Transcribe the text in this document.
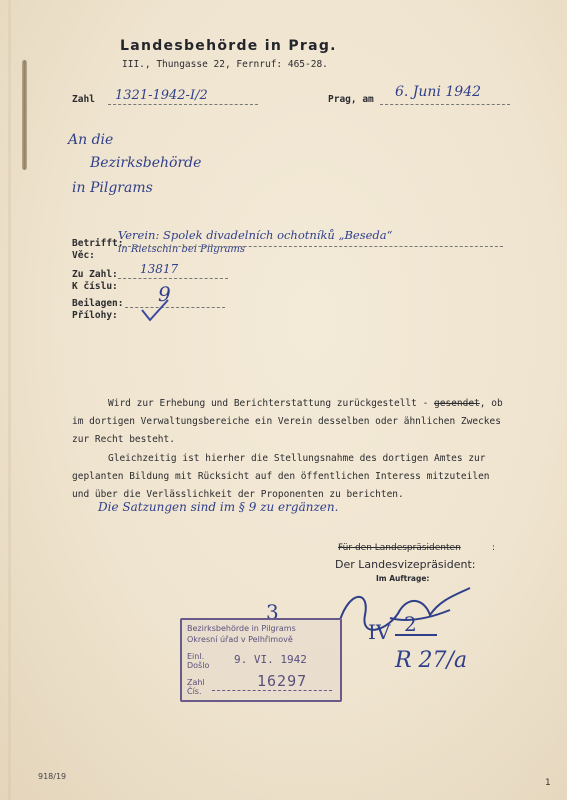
Landesbehörde in Prag.
III., Thungasse 22, Fernruf: 465-28.
Zahl 1321-1942-I/2	Prag, am 6. Juni 1942
An die
Bezirksbehörde
in Pilgrams
Betrifft:
Věc:
Verein: Spolek divadelních ochotníků „Beseda“
in Rietschin bei Pilgrams
Zu Zahl:
K číslu:
13817
Beilagen:
Přílohy:
9
Wird zur Erhebung und Berichterstattung zurückgestellt - gesendet, ob
im dortigen Verwaltungsbereiche ein Verein desselben oder ähnlichen Zweckes
zur Recht besteht.
Gleichzeitig ist hierher die Stellungsnahme des dortigen Amtes zur
geplanten Bildung mit Rücksicht auf den öffentlichen Interess mitzuteilen
und über die Verlässlichkeit der Proponenten zu berichten.
Die Satzungen sind im § 9 zu ergänzen.
Für den Landespräsidenten	:
Der Landesvizepräsident:
Im Auftrage:
3
IV 2
R 27/a
Bezirksbehörde in Pilgrams
Okresní úřad v Pelhřimově
Einl.
Došlo 9. VI. 1942
Zahl
Čís.
16297
918/19
1
